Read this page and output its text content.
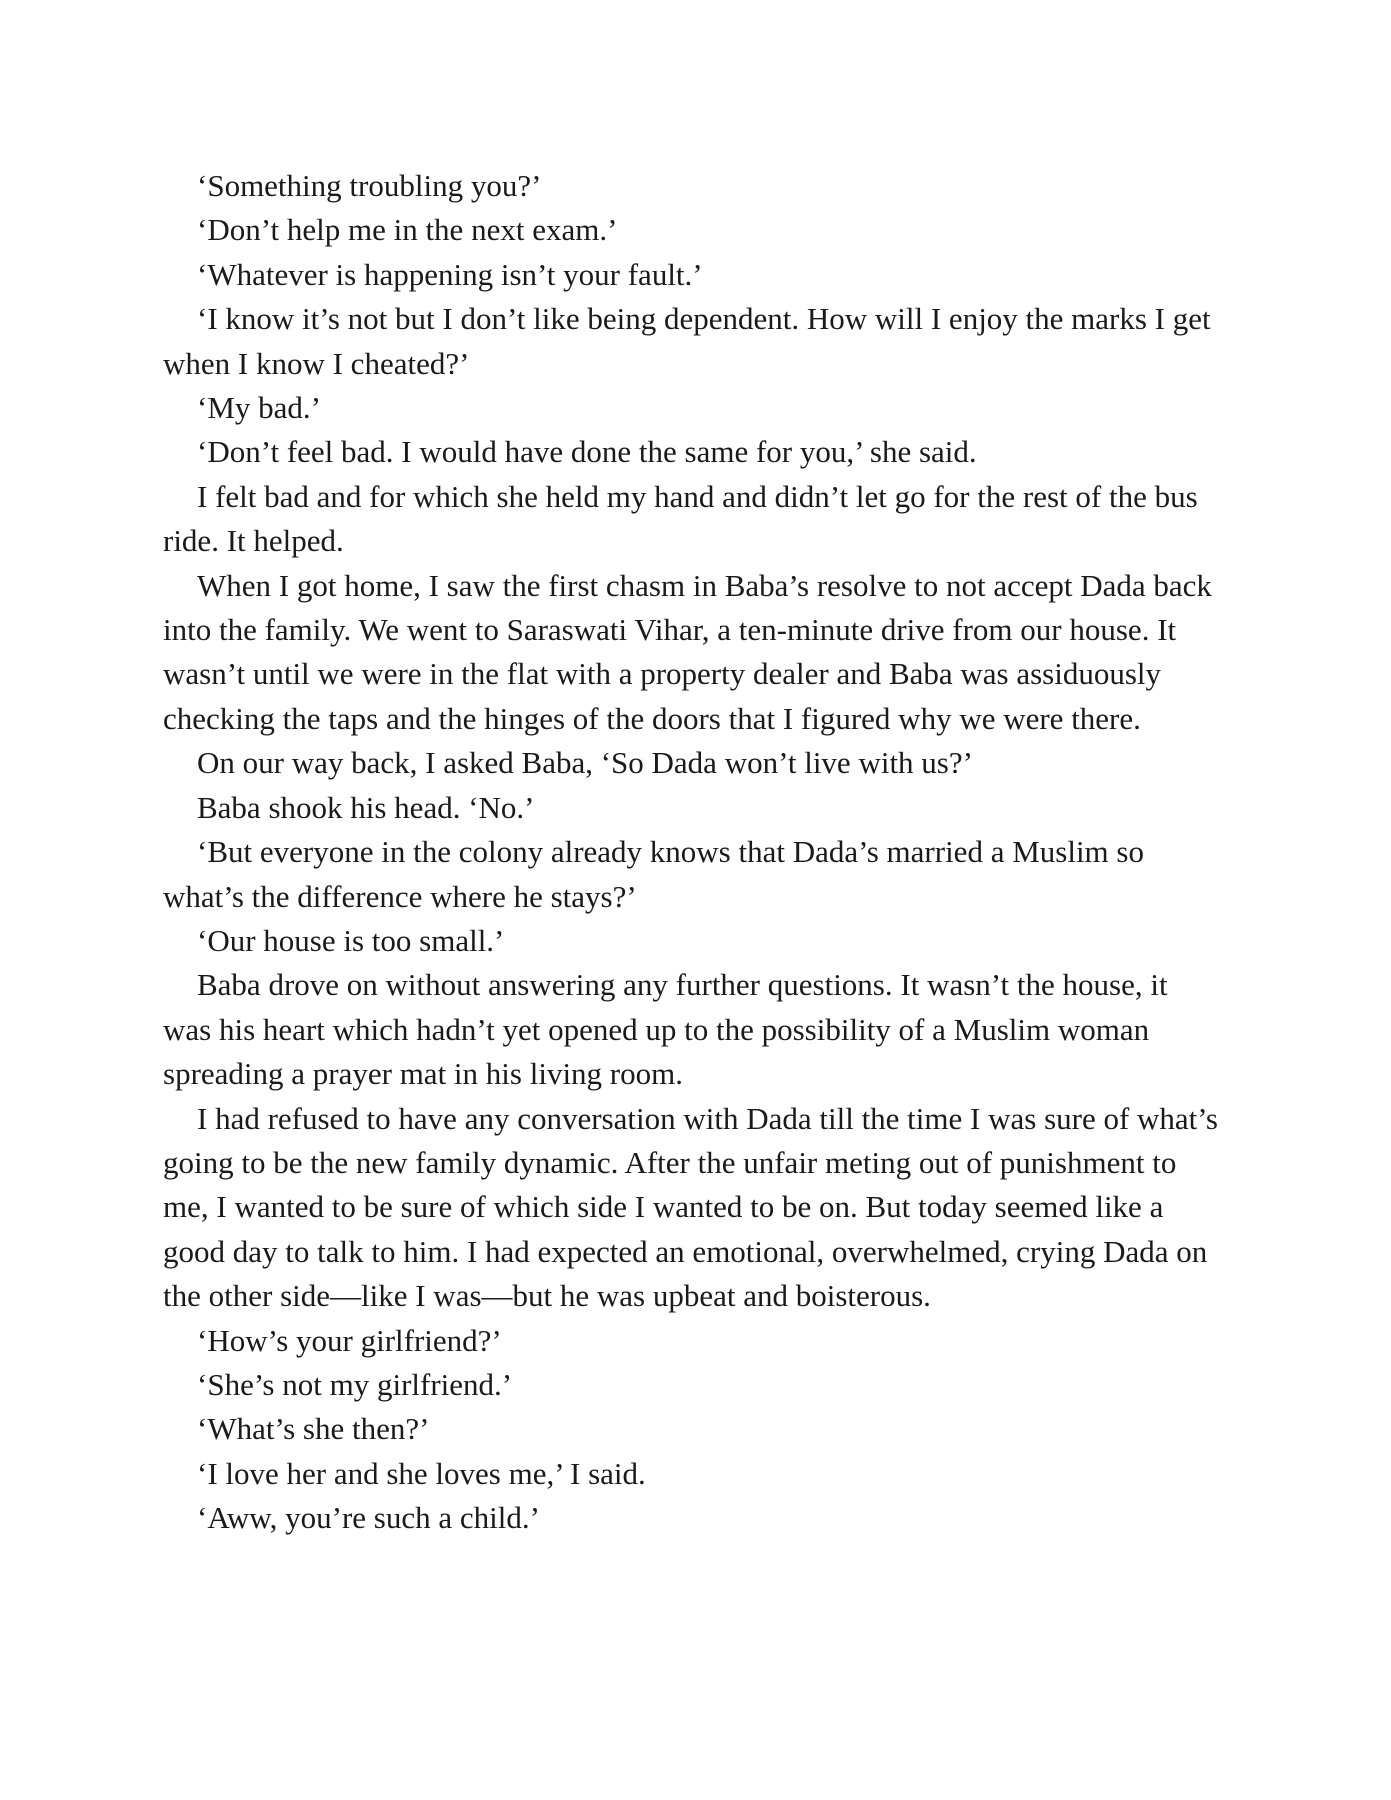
‘Something troubling you?’

‘Don’t help me in the next exam.’

‘Whatever is happening isn’t your fault.’

‘I know it’s not but I don’t like being dependent. How will I enjoy the marks I get when I know I cheated?’

‘My bad.’

‘Don’t feel bad. I would have done the same for you,’ she said.

I felt bad and for which she held my hand and didn’t let go for the rest of the bus ride. It helped.

When I got home, I saw the first chasm in Baba’s resolve to not accept Dada back into the family. We went to Saraswati Vihar, a ten-minute drive from our house. It wasn’t until we were in the flat with a property dealer and Baba was assiduously checking the taps and the hinges of the doors that I figured why we were there.

On our way back, I asked Baba, ‘So Dada won’t live with us?’

Baba shook his head. ‘No.’

‘But everyone in the colony already knows that Dada’s married a Muslim so what’s the difference where he stays?’

‘Our house is too small.’

Baba drove on without answering any further questions. It wasn’t the house, it was his heart which hadn’t yet opened up to the possibility of a Muslim woman spreading a prayer mat in his living room.

I had refused to have any conversation with Dada till the time I was sure of what’s going to be the new family dynamic. After the unfair meting out of punishment to me, I wanted to be sure of which side I wanted to be on. But today seemed like a good day to talk to him. I had expected an emotional, overwhelmed, crying Dada on the other side—like I was—but he was upbeat and boisterous.

‘How’s your girlfriend?’

‘She’s not my girlfriend.’

‘What’s she then?’

‘I love her and she loves me,’ I said.

‘Aww, you’re such a child.’
